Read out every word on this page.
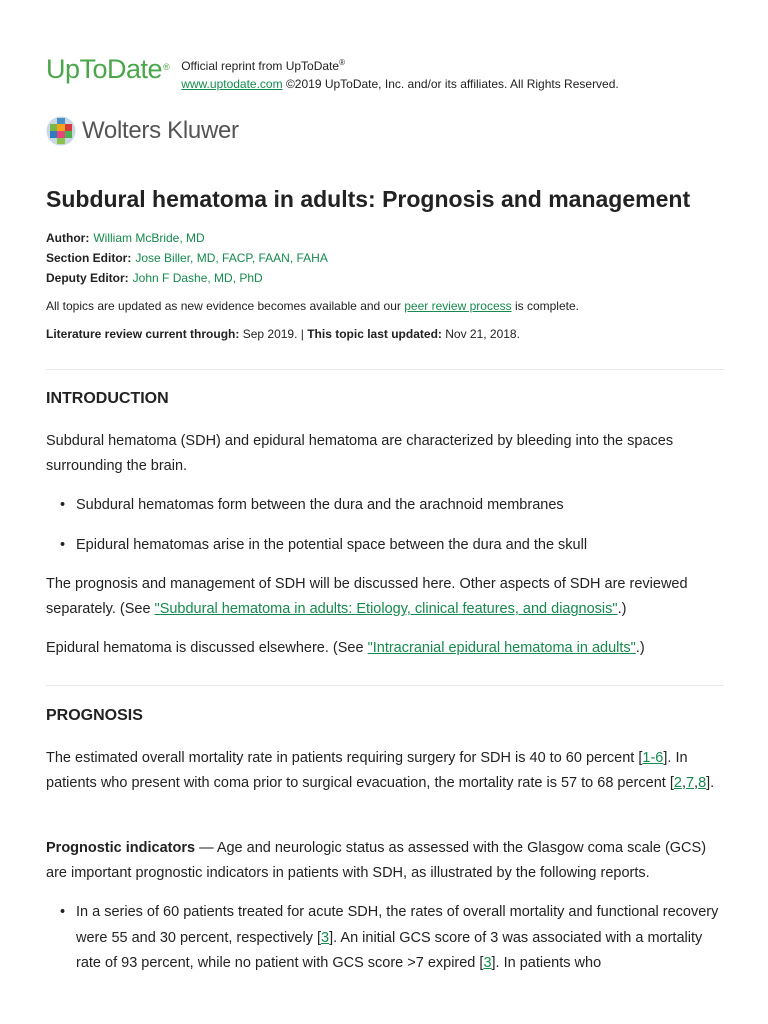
UpToDate® Official reprint from UpToDate®
www.uptodate.com ©2019 UpToDate, Inc. and/or its affiliates. All Rights Reserved.
Wolters Kluwer
Subdural hematoma in adults: Prognosis and management
Author: William McBride, MD
Section Editor: Jose Biller, MD, FACP, FAAN, FAHA
Deputy Editor: John F Dashe, MD, PhD
All topics are updated as new evidence becomes available and our peer review process is complete.
Literature review current through: Sep 2019. | This topic last updated: Nov 21, 2018.
INTRODUCTION
Subdural hematoma (SDH) and epidural hematoma are characterized by bleeding into the spaces surrounding the brain.
• Subdural hematomas form between the dura and the arachnoid membranes
• Epidural hematomas arise in the potential space between the dura and the skull
The prognosis and management of SDH will be discussed here. Other aspects of SDH are reviewed separately. (See "Subdural hematoma in adults: Etiology, clinical features, and diagnosis".)
Epidural hematoma is discussed elsewhere. (See "Intracranial epidural hematoma in adults".)
PROGNOSIS
The estimated overall mortality rate in patients requiring surgery for SDH is 40 to 60 percent [1-6]. In patients who present with coma prior to surgical evacuation, the mortality rate is 57 to 68 percent [2,7,8].
Prognostic indicators — Age and neurologic status as assessed with the Glasgow coma scale (GCS) are important prognostic indicators in patients with SDH, as illustrated by the following reports.
• In a series of 60 patients treated for acute SDH, the rates of overall mortality and functional recovery were 55 and 30 percent, respectively [3]. An initial GCS score of 3 was associated with a mortality rate of 93 percent, while no patient with GCS score >7 expired [3]. In patients who
